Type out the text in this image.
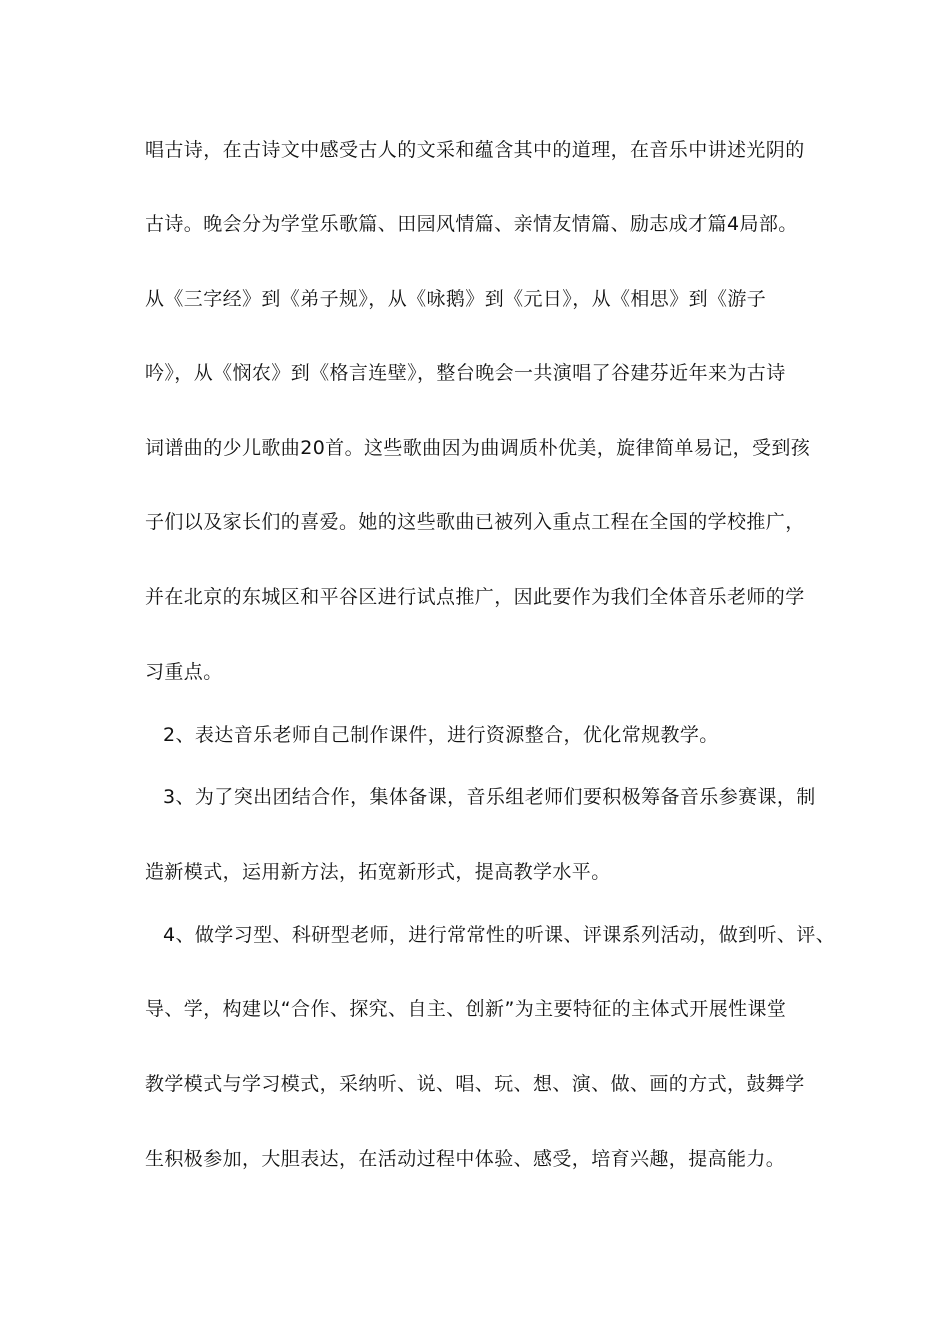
唱古诗，在古诗文中感受古人的文采和蕴含其中的道理，在音乐中讲述光阴的
古诗。晚会分为学堂乐歌篇、田园风情篇、亲情友情篇、励志成才篇4局部。
从《三字经》到《弟子规》，从《咏鹅》到《元日》，从《相思》到《游子
吟》，从《悯农》到《格言连壁》，整台晚会一共演唱了谷建芬近年来为古诗
词谱曲的少儿歌曲20首。这些歌曲因为曲调质朴优美，旋律简单易记，受到孩
子们以及家长们的喜爱。她的这些歌曲已被列入重点工程在全国的学校推广，
并在北京的东城区和平谷区进行试点推广，因此要作为我们全体音乐老师的学
习重点。
2、表达音乐老师自己制作课件，进行资源整合，优化常规教学。
3、为了突出团结合作，集体备课，音乐组老师们要积极筹备音乐参赛课，制
造新模式，运用新方法，拓宽新形式，提高教学水平。
4、做学习型、科研型老师，进行常常性的听课、评课系列活动，做到听、评、
导、学，构建以“合作、探究、自主、创新”为主要特征的主体式开展性课堂
教学模式与学习模式，采纳听、说、唱、玩、想、演、做、画的方式，鼓舞学
生积极参加，大胆表达，在活动过程中体验、感受，培育兴趣，提高能力。
